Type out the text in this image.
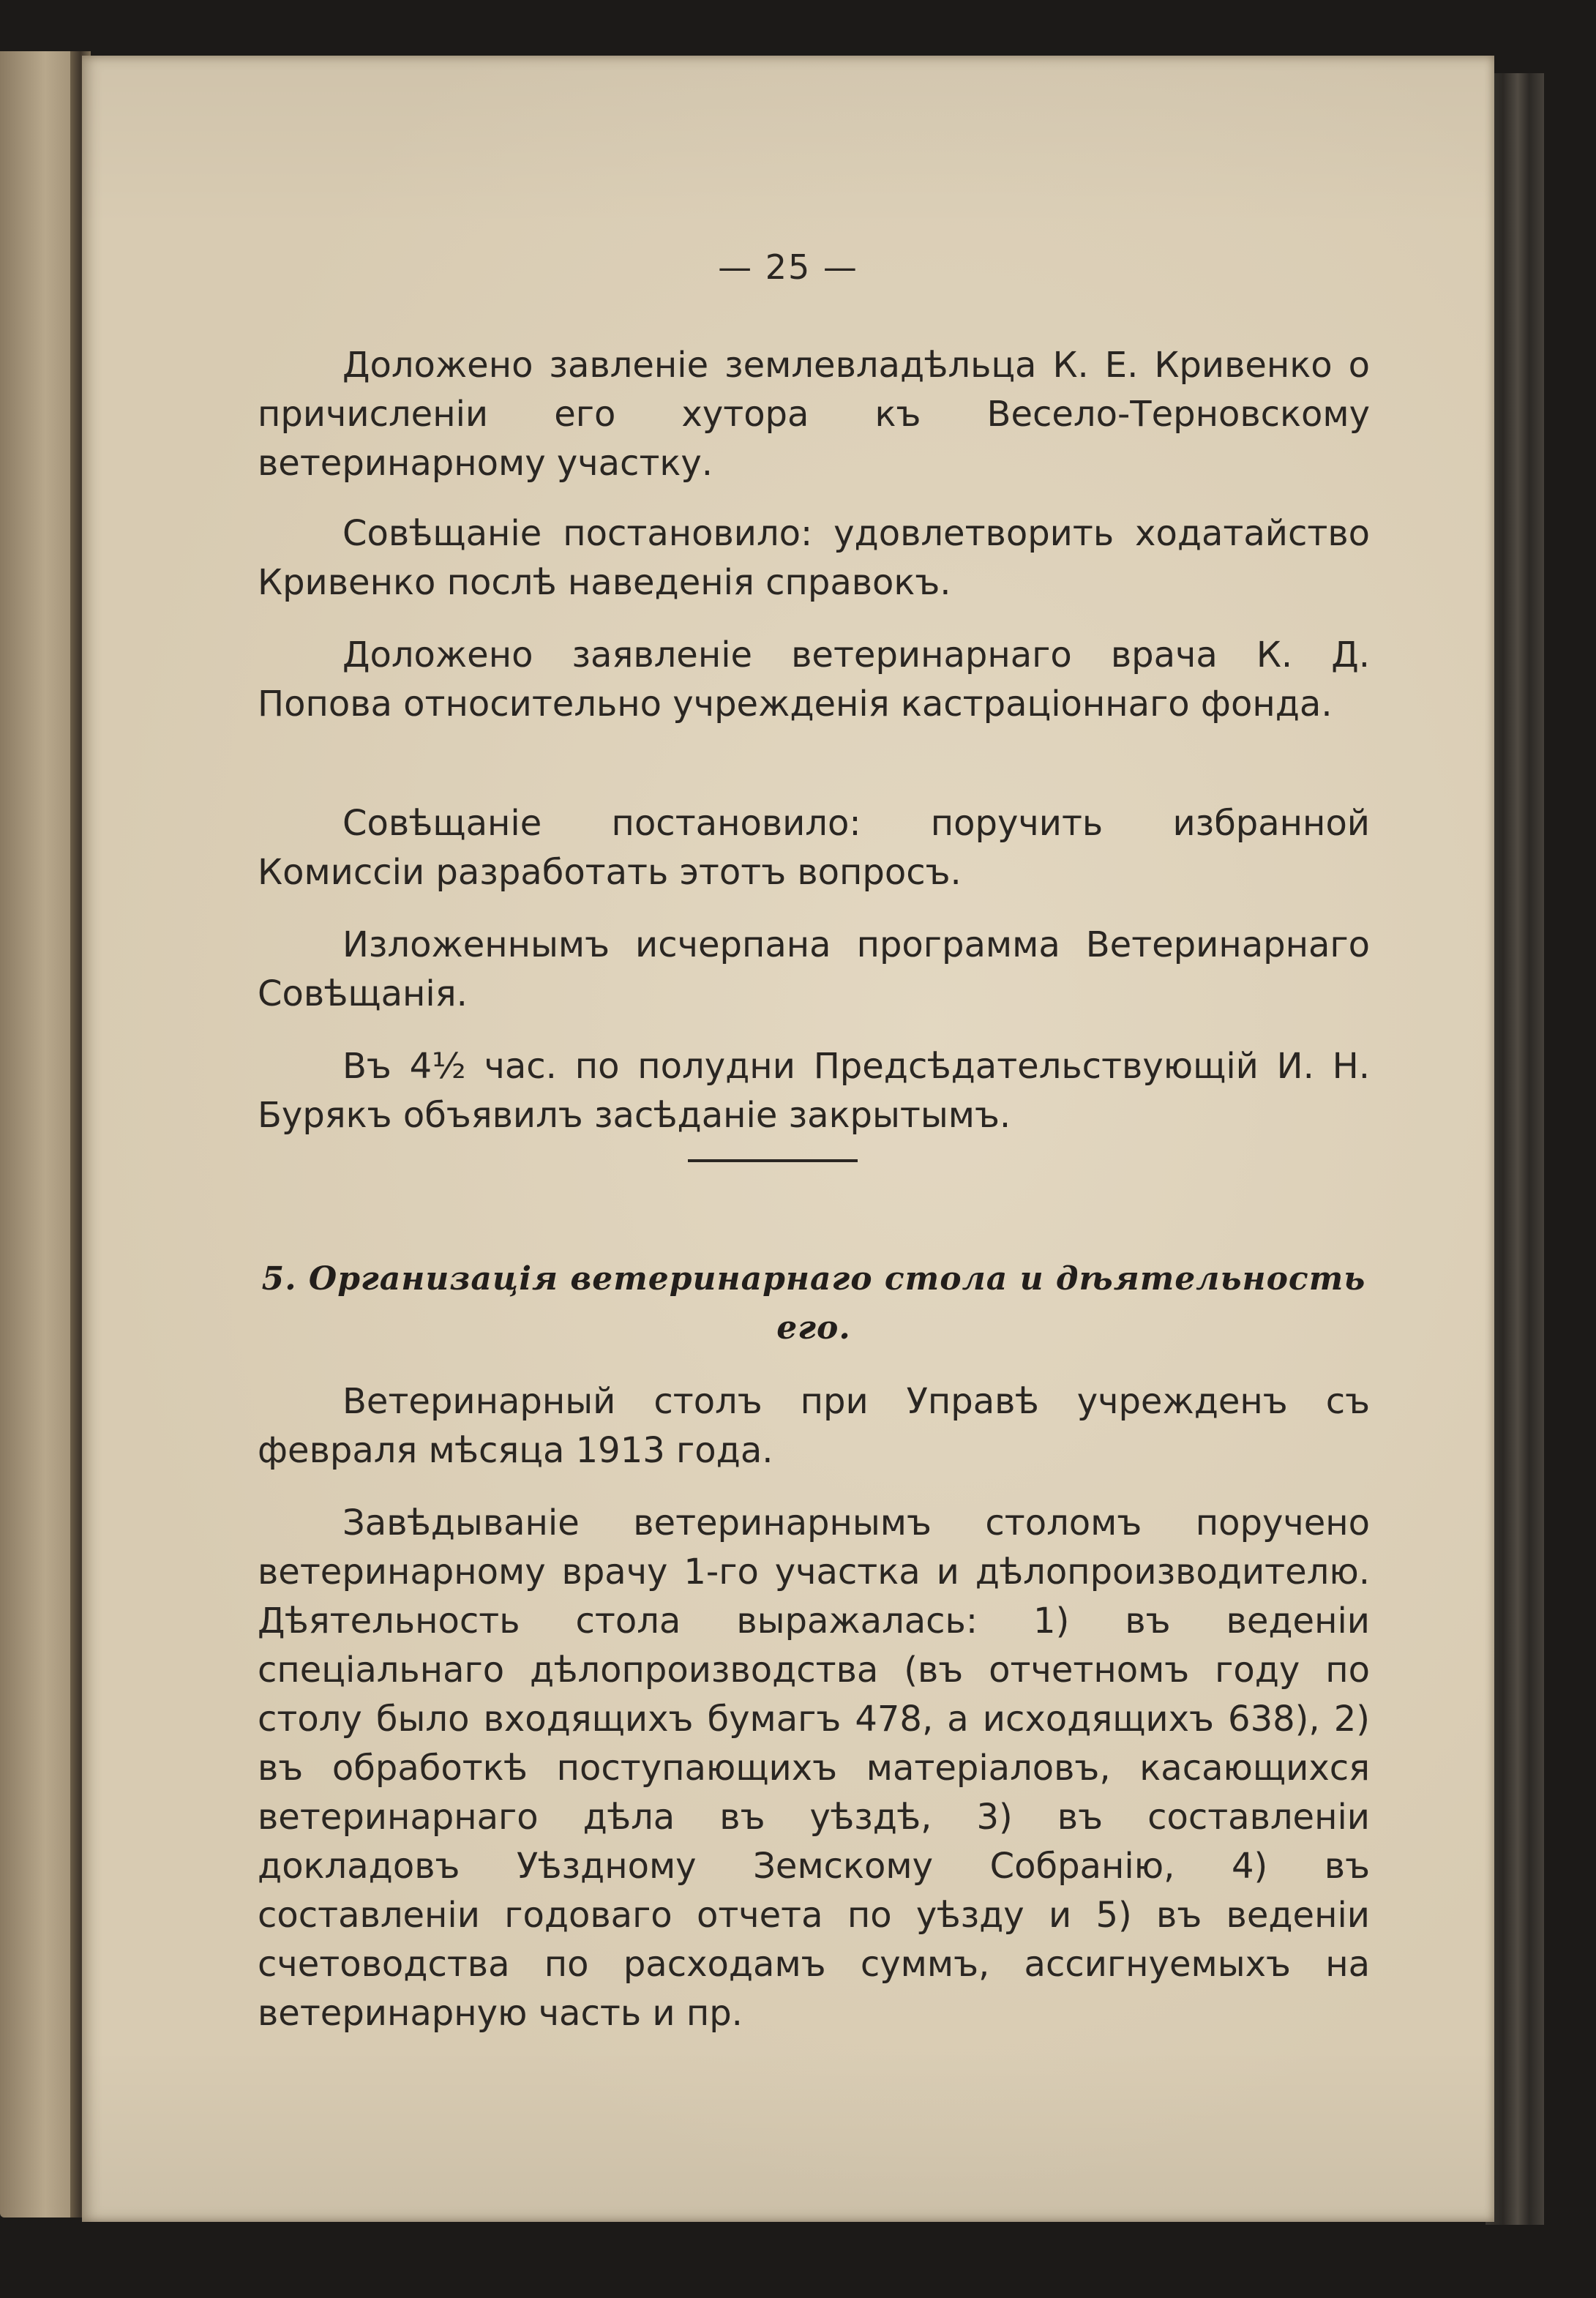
— 25 —

Доложено завленіе землевладѣльца К. Е. Кривенко о причисленіи его хутора къ Весело-Терновскому ветеринарному участку.

Совѣщаніе постановило: удовлетворить ходатайство Кривенко послѣ наведенія справокъ.

Доложено заявленіе ветеринарнаго врача К. Д. Попова относительно учрежденія кастраціоннаго фонда.

Совѣщаніе постановило: поручить избранной Комиссіи разработать этотъ вопросъ.

Изложеннымъ исчерпана программа Ветеринарнаго Совѣщанія.

Въ 4½ час. по полудни Предсѣдательствующій И. Н. Бурякъ объявилъ засѣданіе закрытымъ.

5. Организація ветеринарнаго стола и дѣятельность его.

Ветеринарный столъ при Управѣ учрежденъ съ февраля мѣсяца 1913 года.

Завѣдываніе ветеринарнымъ столомъ поручено ветеринарному врачу 1-го участка и дѣлопроизводителю. Дѣятельность стола выражалась: 1) въ веденіи спеціальнаго дѣлопроизводства (въ отчетномъ году по столу было входящихъ бумагъ 478, а исходящихъ 638), 2) въ обработкѣ поступающихъ матеріаловъ, касающихся ветеринарнаго дѣла въ уѣздѣ, 3) въ составленіи докладовъ Уѣздному Земскому Собранію, 4) въ составленіи годоваго отчета по уѣзду и 5) въ веденіи счетоводства по расходамъ суммъ, ассигнуемыхъ на ветеринарную часть и пр.
